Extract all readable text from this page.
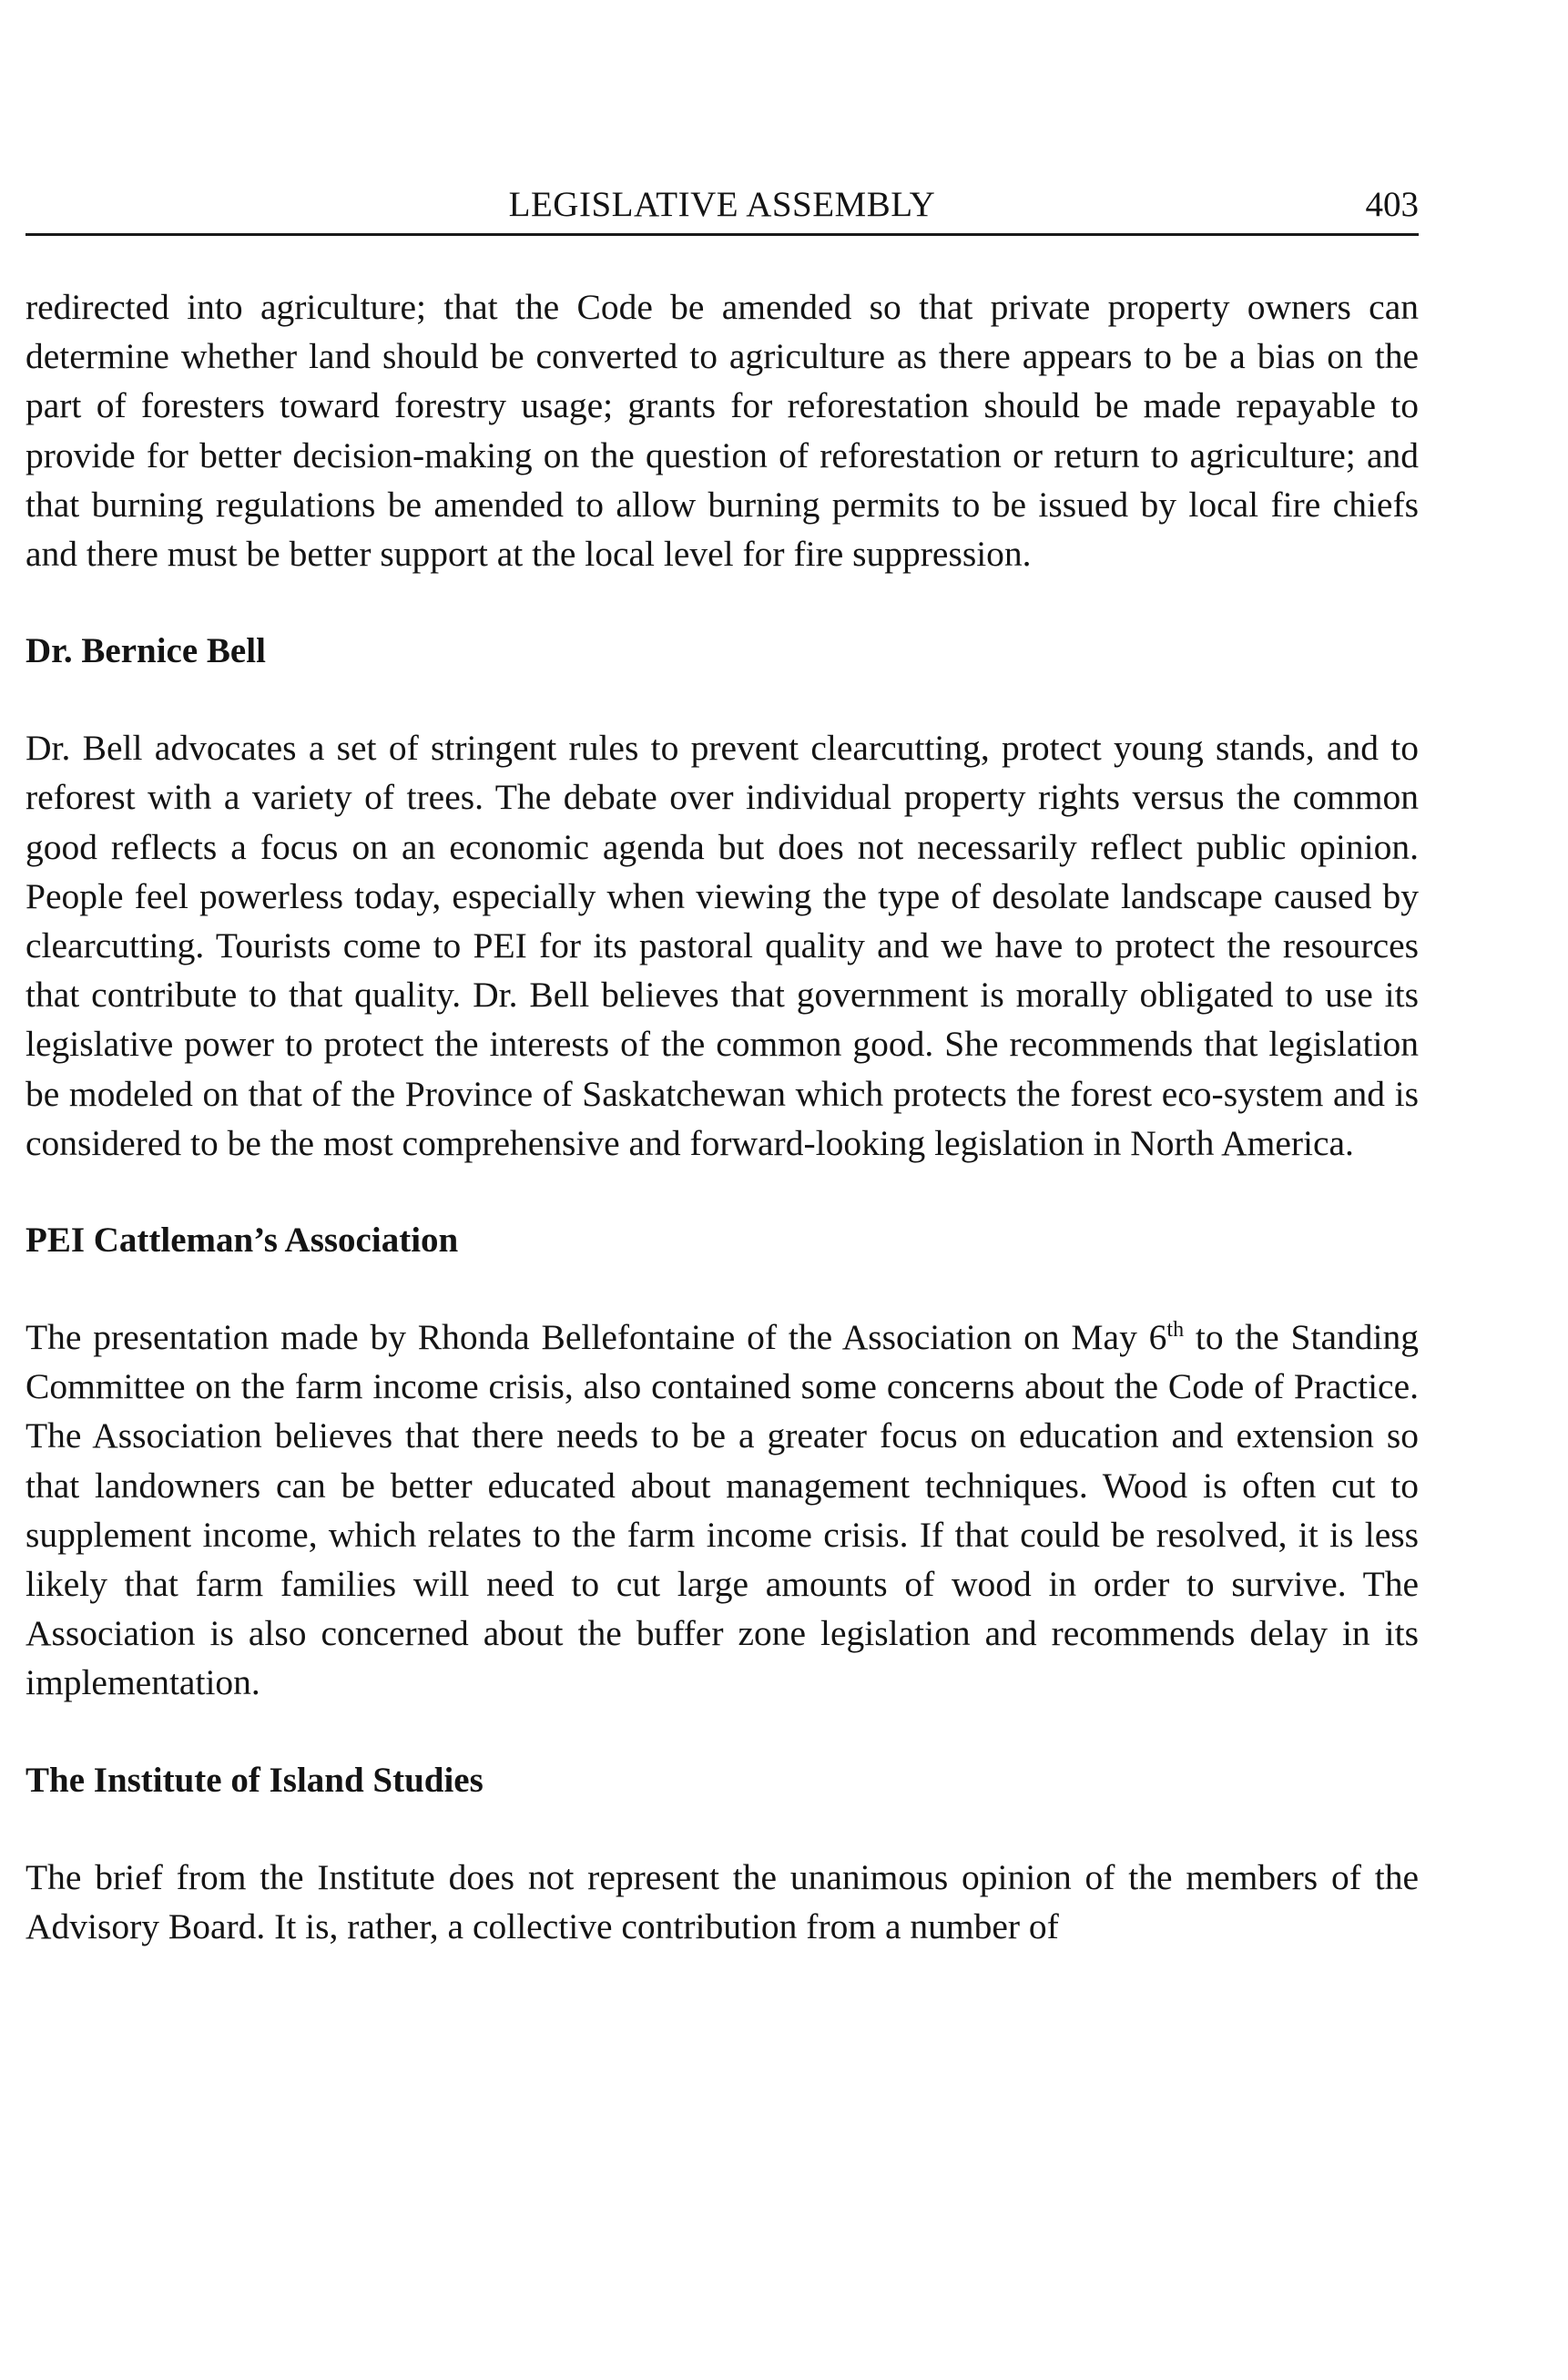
LEGISLATIVE ASSEMBLY	403

redirected into agriculture; that the Code be amended so that private property owners can determine whether land should be converted to agriculture as there appears to be a bias on the part of foresters toward forestry usage; grants for reforestation should be made repayable to provide for better decision-making on the question of reforestation or return to agriculture; and that burning regulations be amended to allow burning permits to be issued by local fire chiefs and there must be better support at the local level for fire suppression.

Dr. Bernice Bell

Dr. Bell advocates a set of stringent rules to prevent clearcutting, protect young stands, and to reforest with a variety of trees. The debate over individual property rights versus the common good reflects a focus on an economic agenda but does not necessarily reflect public opinion. People feel powerless today, especially when viewing the type of desolate landscape caused by clearcutting. Tourists come to PEI for its pastoral quality and we have to protect the resources that contribute to that quality. Dr. Bell believes that government is morally obligated to use its legislative power to protect the interests of the common good. She recommends that legislation be modeled on that of the Province of Saskatchewan which protects the forest eco-system and is considered to be the most comprehensive and forward-looking legislation in North America.

PEI Cattleman’s Association

The presentation made by Rhonda Bellefontaine of the Association on May 6th to the Standing Committee on the farm income crisis, also contained some concerns about the Code of Practice. The Association believes that there needs to be a greater focus on education and extension so that landowners can be better educated about management techniques. Wood is often cut to supplement income, which relates to the farm income crisis. If that could be resolved, it is less likely that farm families will need to cut large amounts of wood in order to survive. The Association is also concerned about the buffer zone legislation and recommends delay in its implementation.

The Institute of Island Studies

The brief from the Institute does not represent the unanimous opinion of the members of the Advisory Board. It is, rather, a collective contribution from a number of
